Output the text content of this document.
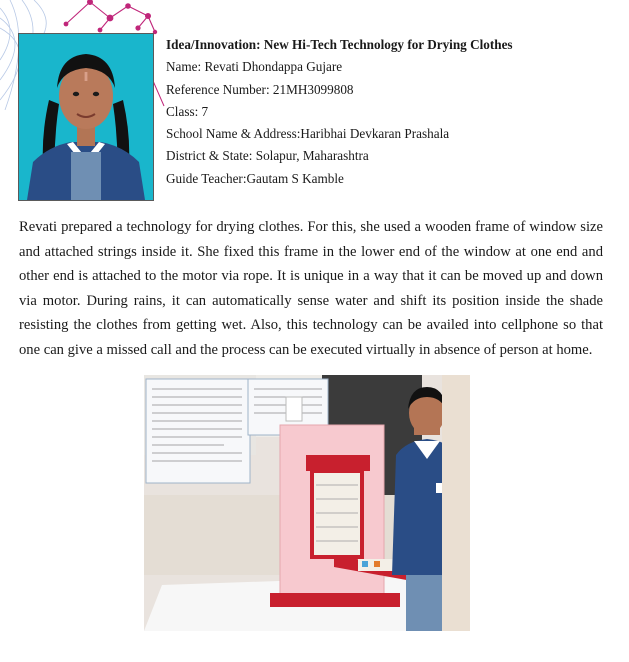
Idea/Innovation: New Hi-Tech Technology for Drying Clothes
Name: Revati Dhondappa Gujare
Reference Number: 21MH3099808
Class: 7
School Name & Address:Haribhai Devkaran Prashala
District & State: Solapur, Maharashtra
Guide Teacher:Gautam S Kamble

Revati prepared a technology for drying clothes. For this, she used a wooden frame of window size and attached strings inside it. She fixed this frame in the lower end of the window at one end and other end is attached to the motor via rope. It is unique in a way that it can be moved up and down via motor. During rains, it can automatically sense water and shift its position inside the shade resisting the clothes from getting wet. Also, this technology can be availed into cellphone so that one can give a missed call and the process can be executed virtually in absence of person at home.
